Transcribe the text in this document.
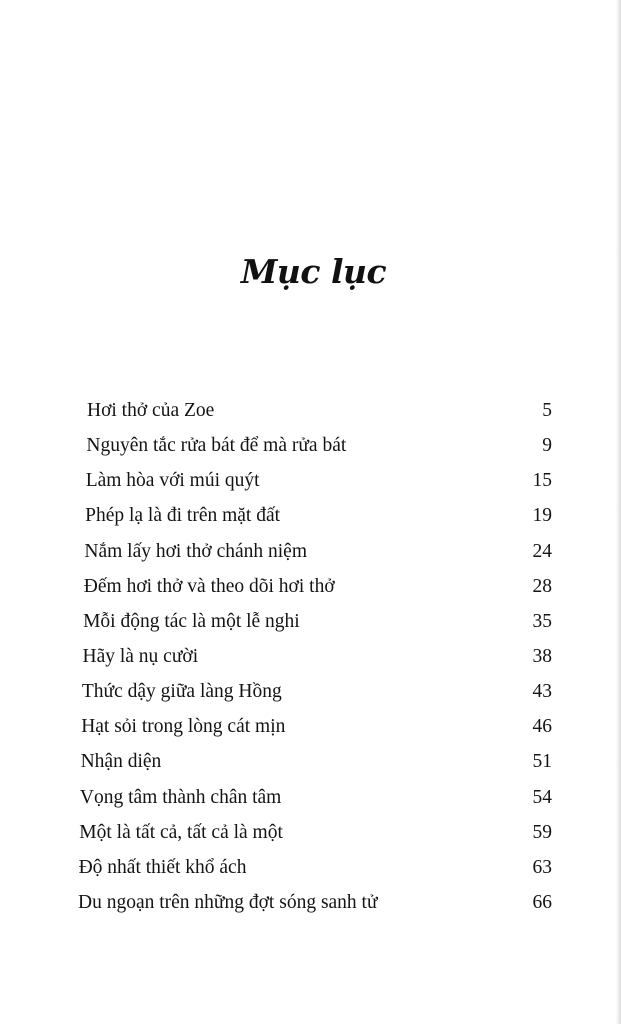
Mục lục
Hơi thở của Zoe	5
Nguyên tắc rửa bát để mà rửa bát	9
Làm hòa với múi quýt	15
Phép lạ là đi trên mặt đất	19
Nắm lấy hơi thở chánh niệm	24
Đếm hơi thở và theo dõi hơi thở	28
Mỗi động tác là một lễ nghi	35
Hãy là nụ cười	38
Thức dậy giữa làng Hồng	43
Hạt sỏi trong lòng cát mịn	46
Nhận diện	51
Vọng tâm thành chân tâm	54
Một là tất cả, tất cả là một	59
Độ nhất thiết khổ ách	63
Du ngoạn trên những đợt sóng sanh tử	66
